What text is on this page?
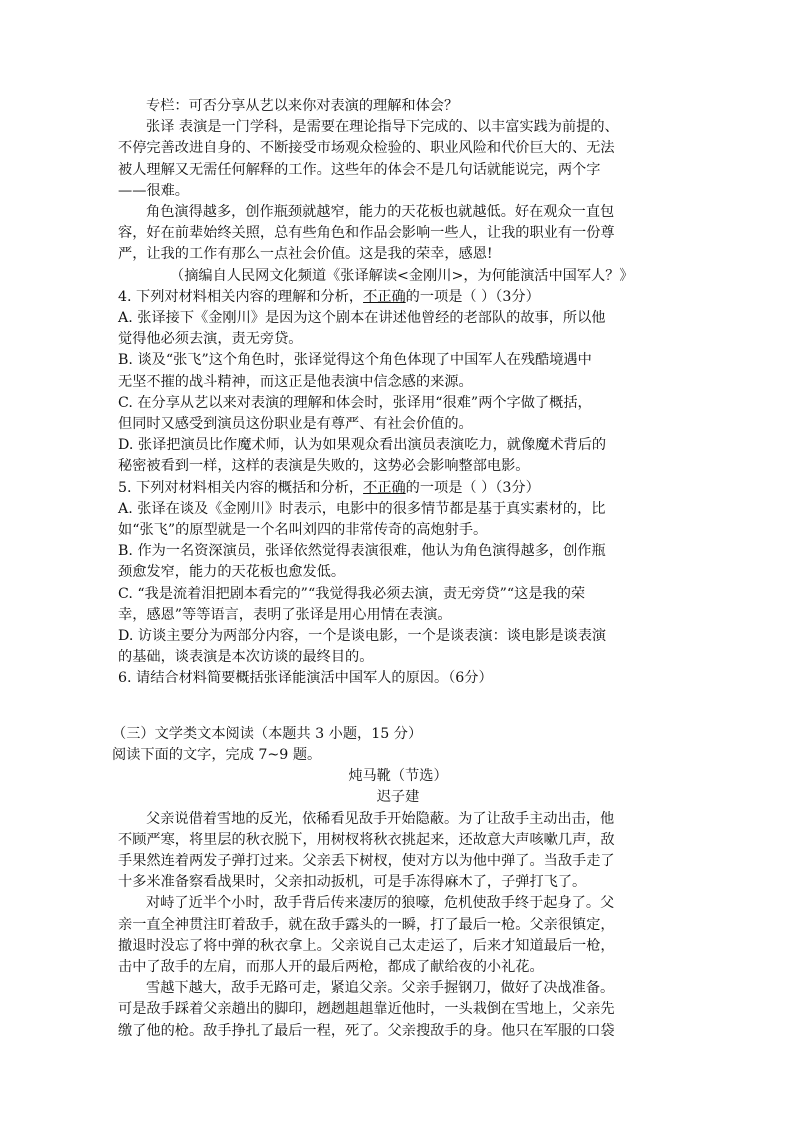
专栏：可否分享从艺以来你对表演的理解和体会？
张译 表演是一门学科，是需要在理论指导下完成的、以丰富实践为前提的、
不停完善改进自身的、不断接受市场观众检验的、职业风险和代价巨大的、无法
被人理解又无需任何解释的工作。这些年的体会不是几句话就能说完，两个字
——很难。
角色演得越多，创作瓶颈就越窄，能力的天花板也就越低。好在观众一直包
容，好在前辈始终关照，总有些角色和作品会影响一些人，让我的职业有一份尊
严，让我的工作有那么一点社会价值。这是我的荣幸，感恩!
（摘编自人民网文化频道《张译解读<金刚川>，为何能演活中国军人？》
4. 下列对材料相关内容的理解和分析，不正确的一项是（ ）（3分）
A. 张译接下《金刚川》是因为这个剧本在讲述他曾经的老部队的故事，所以他
觉得他必须去演，责无旁贷。
B. 谈及“张飞”这个角色时，张译觉得这个角色体现了中国军人在残酷境遇中
无坚不摧的战斗精神，而这正是他表演中信念感的来源。
C. 在分享从艺以来对表演的理解和体会时，张译用“很难”两个字做了概括，
但同时又感受到演员这份职业是有尊严、有社会价值的。
D. 张译把演员比作魔术师，认为如果观众看出演员表演吃力，就像魔术背后的
秘密被看到一样，这样的表演是失败的，这势必会影响整部电影。
5. 下列对材料相关内容的概括和分析，不正确的一项是（ ）（3分）
A. 张译在谈及《金刚川》时表示，电影中的很多情节都是基于真实素材的，比
如“张飞”的原型就是一个名叫刘四的非常传奇的高炮射手。
B. 作为一名资深演员，张译依然觉得表演很难，他认为角色演得越多，创作瓶
颈愈发窄，能力的天花板也愈发低。
C. “我是流着泪把剧本看完的”“我觉得我必须去演，责无旁贷”“这是我的荣
幸，感恩”等等语言，表明了张译是用心用情在表演。
D. 访谈主要分为两部分内容，一个是谈电影，一个是谈表演：谈电影是谈表演
的基础，谈表演是本次访谈的最终目的。
6. 请结合材料简要概括张译能演活中国军人的原因。（6分）
（三）文学类文本阅读（本题共 3 小题，15 分）
阅读下面的文字，完成 7~9 题。
炖马靴（节选）
迟子建
父亲说借着雪地的反光，依稀看见敌手开始隐蔽。为了让敌手主动出击，他
不顾严寒，将里层的秋衣脱下，用树杈将秋衣挑起来，还故意大声咳嗽几声，敌
手果然连着两发子弹打过来。父亲丢下树杈，使对方以为他中弹了。当敌手走了
十多米准备察看战果时，父亲扣动扳机，可是手冻得麻木了，子弹打飞了。
对峙了近半个小时，敌手背后传来凄厉的狼嚎，危机使敌手终于起身了。父
亲一直全神贯注盯着敌手，就在敌手露头的一瞬，打了最后一枪。父亲很镇定，
撤退时没忘了将中弹的秋衣拿上。父亲说自己太走运了，后来才知道最后一枪，
击中了敌手的左肩，而那人开的最后两枪，都成了献给夜的小礼花。
雪越下越大，敌手无路可走，紧追父亲。父亲手握钢刀，做好了决战准备。
可是敌手踩着父亲趟出的脚印，趔趔趄趄靠近他时，一头栽倒在雪地上，父亲先
缴了他的枪。敌手挣扎了最后一程，死了。父亲搜敌手的身。他只在军服的口袋
